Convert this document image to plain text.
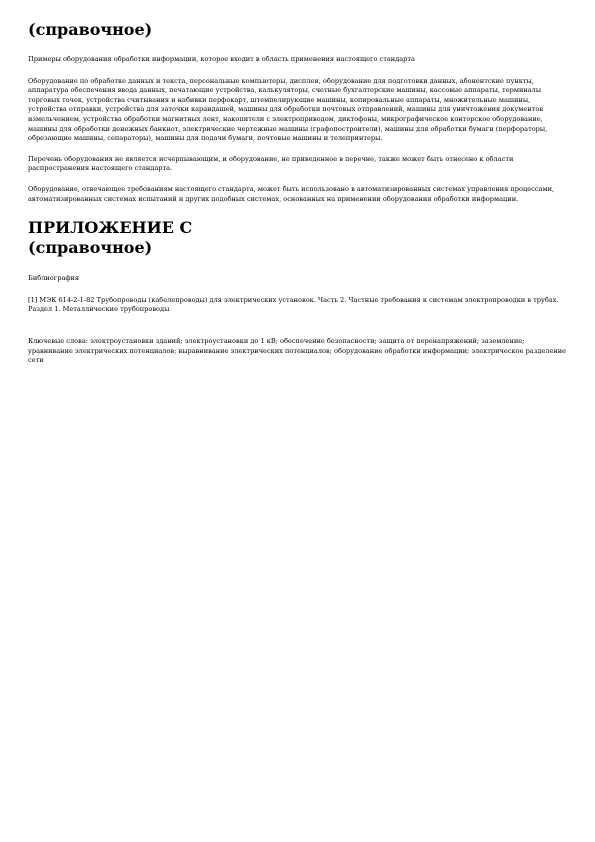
(справочное)

Примеры оборудования обработки информации, которое входит в область применения настоящего стандарта

Оборудование по обработке данных и текста, персональные компьютеры, дисплеи, оборудование для подготовки данных, абонентские пункты, аппаратура обеспечения ввода данных, печатающие устройства, калькуляторы, счетные бухгалтерские машины, кассовые аппараты, терминалы торговых точек, устройства считывания и набивки перфокарт, штемпелирующие машины, копировальные аппараты, множительные машины, устройства отправки, устройства для заточки карандашей, машины для обработки почтовых отправлений, машины для уничтожения документов измельчением, устройства обработки магнитных лент, накопители с электроприводом, диктофоны, микрографическое конторское оборудование, машины для обработки денежных банкнот, электрические чертежные машины (графопостроители), машины для обработки бумаги (перфораторы, обрезающие машины, сепараторы), машины для подачи бумаги, почтовые машины и телепринтеры.

Перечень оборудования не является исчерпывающим, и оборудование, не приведенное в перечне, также может быть отнесено к области распространения настоящего стандарта.

Оборудование, отвечающее требованиям настоящего стандарта, может быть использовано в автоматизированных системах управления процессами, автоматизированных системах испытаний и других подобных системах, основанных на применении оборудования обработки информации.

ПРИЛОЖЕНИЕ С
(справочное)

Библиография

[1] МЭК 614-2-1-82 Трубопроводы (кабелепроводы) для электрических установок. Часть 2. Частные требования к системам электропроводки в трубах. Раздел 1. Металлические трубопроводы

Ключевые слова: электроустановки зданий; электроустановки до 1 кВ; обеспечение безопасности; защита от перенапряжений; заземление; уравнивание электрических потенциалов; выравнивание электрических потенциалов; оборудование обработки информации; электрическое разделение сети
